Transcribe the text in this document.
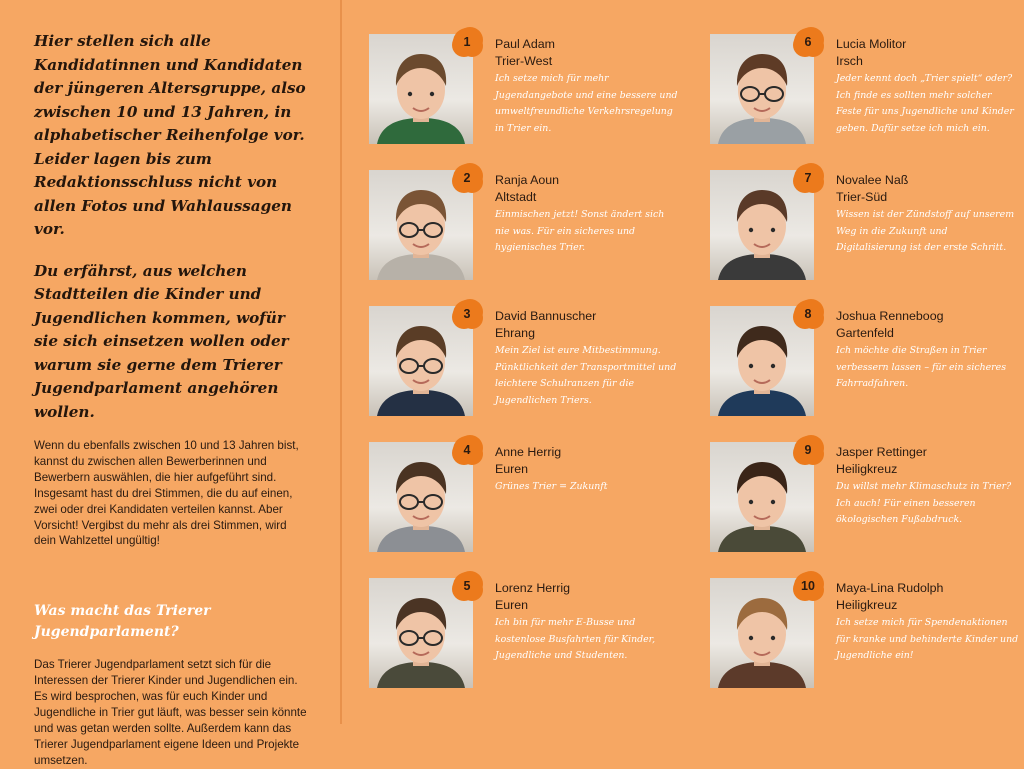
Hier stellen sich alle Kandidatinnen und Kandidaten der jüngeren Altersgruppe, also zwischen 10 und 13 Jahren, in alphabetischer Reihenfolge vor. Leider lagen bis zum Redaktionsschluss nicht von allen Fotos und Wahlaussagen vor.

Du erfährst, aus welchen Stadtteilen die Kinder und Jugendlichen kommen, wofür sie sich einsetzen wollen oder warum sie gerne dem Trierer Jugendparlament angehören wollen.

Wenn du ebenfalls zwischen 10 und 13 Jahren bist, kannst du zwischen allen Bewerberinnen und Bewerbern auswählen, die hier aufgeführt sind. Insgesamt hast du drei Stimmen, die du auf einen, zwei oder drei Kandidaten verteilen kannst. Aber Vorsicht! Vergibst du mehr als drei Stimmen, wird dein Wahlzettel ungültig!

Was macht das Trierer Jugendparlament?

Das Trierer Jugendparlament setzt sich für die Interessen der Trierer Kinder und Jugendlichen ein. Es wird besprochen, was für euch Kinder und Jugendliche in Trier gut läuft, was besser sein könnte und was getan werden sollte. Außerdem kann das Trierer Jugendparlament eigene Ideen und Projekte umsetzen.

1	Paul Adam

Trier-West

Ich setze mich für mehr Jugendangebote und eine bessere und umweltfreundliche Verkehrsregelung in Trier ein.

2	Ranja Aoun

Altstadt

Einmischen jetzt! Sonst ändert sich nie was. Für ein sicheres und hygienisches Trier.

3	David Bannuscher

Ehrang

Mein Ziel ist eure Mitbestimmung. Pünktlichkeit der Transportmittel und leichtere Schulranzen für die Jugendlichen Triers.

4	Anne Herrig

Euren

Grünes Trier = Zukunft

5	Lorenz Herrig

Euren

Ich bin für mehr E-Busse und kostenlose Busfahrten für Kinder, Jugendliche und Studenten.

6	Lucia Molitor

Irsch

Jeder kennt doch „Trier spielt“ oder? Ich finde es sollten mehr solcher Feste für uns Jugendliche und Kinder geben. Dafür setze ich mich ein.

7	Novalee Naß

Trier-Süd

Wissen ist der Zündstoff auf unserem Weg in die Zukunft und Digitalisierung ist der erste Schritt.

8	Joshua Renneboog

Gartenfeld

Ich möchte die Straßen in Trier verbessern lassen – für ein sicheres Fahrradfahren.

9	Jasper Rettinger

Heiligkreuz

Du willst mehr Klimaschutz in Trier? Ich auch! Für einen besseren ökologischen Fußabdruck.

10	Maya-Lina Rudolph

Heiligkreuz

Ich setze mich für Spendenaktionen für kranke und behinderte Kinder und Jugendliche ein!
